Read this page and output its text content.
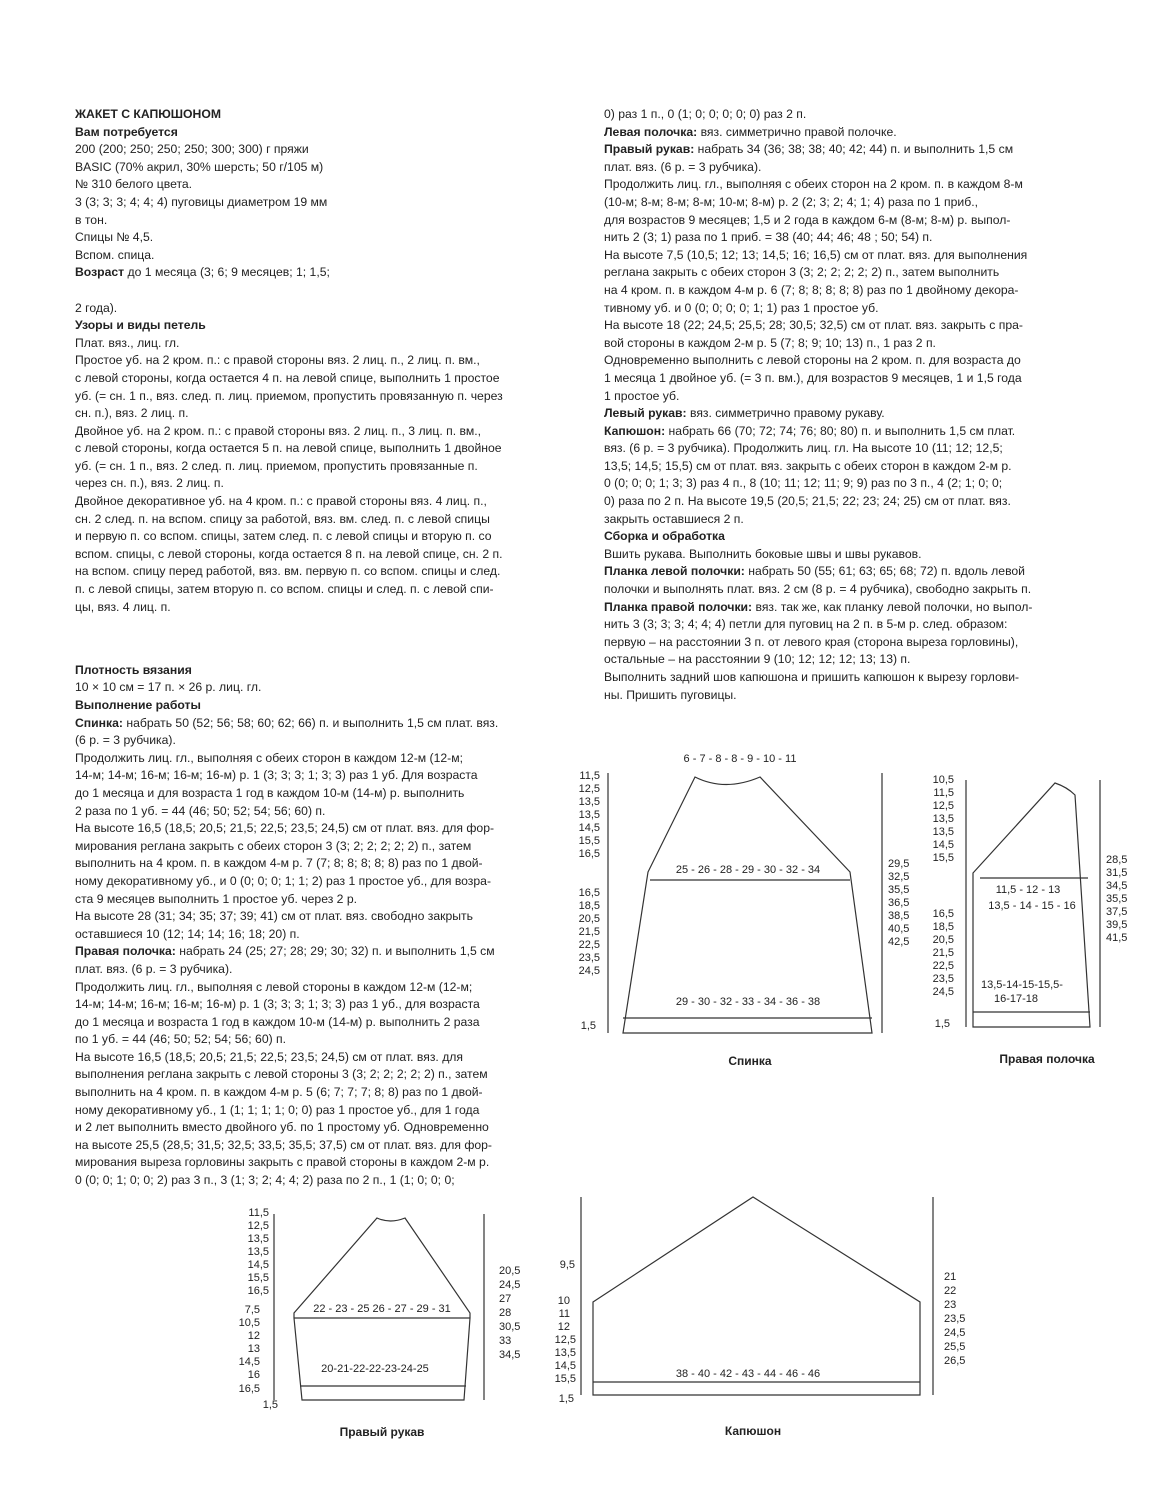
ЖАКЕТ С КАПЮШОНОМ
Вам потребуется
200 (200; 250; 250; 250; 300; 300) г пряжи
BASIC (70% акрил, 30% шерсть; 50 г/105 м)
№ 310 белого цвета.
3 (3; 3; 3; 4; 4; 4) пуговицы диаметром 19 мм
в тон.
Спицы № 4,5.
Вспом. спица.
Возраст до 1 месяца (3; 6; 9 месяцев; 1; 1,5;
2 года).
Узоры и виды петель
Плат. вяз., лиц. гл.
Простое уб. на 2 кром. п.: с правой стороны вяз. 2 лиц. п., 2 лиц. п. вм.,
с левой стороны, когда остается 4 п. на левой спице, выполнить 1 простое
уб. (= сн. 1 п., вяз. след. п. лиц. приемом, пропустить провязанную п. через
сн. п.), вяз. 2 лиц. п.
Двойное уб. на 2 кром. п.: с правой стороны вяз. 2 лиц. п., 3 лиц. п. вм.,
с левой стороны, когда остается 5 п. на левой спице, выполнить 1 двойное
уб. (= сн. 1 п., вяз. 2 след. п. лиц. приемом, пропустить провязанные п.
через сн. п.), вяз. 2 лиц. п.
Двойное декоративное уб. на 4 кром. п.: с правой стороны вяз. 4 лиц. п.,
сн. 2 след. п. на вспом. спицу за работой, вяз. вм. след. п. с левой спицы
и первую п. со вспом. спицы, затем след. п. с левой спицы и вторую п. со
вспом. спицы, с левой стороны, когда остается 8 п. на левой спице, сн. 2 п.
на вспом. спицу перед работой, вяз. вм. первую п. со вспом. спицы и след.
п. с левой спицы, затем вторую п. со вспом. спицы и след. п. с левой спи-
цы, вяз. 4 лиц. п.
Плотность вязания
10 × 10 см = 17 п. × 26 р. лиц. гл.
Выполнение работы
Спинка: набрать 50 (52; 56; 58; 60; 62; 66) п. и выполнить 1,5 см плат. вяз.
(6 р. = 3 рубчика).
Продолжить лиц. гл., выполняя с обеих сторон в каждом 12-м (12-м;
14-м; 14-м; 16-м; 16-м; 16-м) р. 1 (3; 3; 3; 1; 3; 3) раз 1 уб. Для возраста
до 1 месяца и для возраста 1 год в каждом 10-м (14-м) р. выполнить
2 раза по 1 уб. = 44 (46; 50; 52; 54; 56; 60) п.
На высоте 16,5 (18,5; 20,5; 21,5; 22,5; 23,5; 24,5) см от плат. вяз. для фор-
мирования реглана закрыть с обеих сторон 3 (3; 2; 2; 2; 2; 2) п., затем
выполнить на 4 кром. п. в каждом 4-м р. 7 (7; 8; 8; 8; 8; 8) раз по 1 двой-
ному декоративному уб., и 0 (0; 0; 0; 1; 1; 2) раз 1 простое уб., для возра-
ста 9 месяцев выполнить 1 простое уб. через 2 р.
На высоте 28 (31; 34; 35; 37; 39; 41) см от плат. вяз. свободно закрыть
оставшиеся 10 (12; 14; 14; 16; 18; 20) п.
Правая полочка: набрать 24 (25; 27; 28; 29; 30; 32) п. и выполнить 1,5 см
плат. вяз. (6 р. = 3 рубчика).
Продолжить лиц. гл., выполняя с левой стороны в каждом 12-м (12-м;
14-м; 14-м; 16-м; 16-м; 16-м) р. 1 (3; 3; 3; 1; 3; 3) раз 1 уб., для возраста
до 1 месяца и возраста 1 год в каждом 10-м (14-м) р. выполнить 2 раза
по 1 уб. = 44 (46; 50; 52; 54; 56; 60) п.
На высоте 16,5 (18,5; 20,5; 21,5; 22,5; 23,5; 24,5) см от плат. вяз. для
выполнения реглана закрыть с левой стороны 3 (3; 2; 2; 2; 2; 2) п., затем
выполнить на 4 кром. п. в каждом 4-м р. 5 (6; 7; 7; 7; 8; 8) раз по 1 двой-
ному декоративному уб., 1 (1; 1; 1; 1; 0; 0) раз 1 простое уб., для 1 года
и 2 лет выполнить вместо двойного уб. по 1 простому уб. Одновременно
на высоте 25,5 (28,5; 31,5; 32,5; 33,5; 35,5; 37,5) см от плат. вяз. для фор-
мирования выреза горловины закрыть с правой стороны в каждом 2-м р.
0 (0; 0; 1; 0; 0; 2) раз 3 п., 3 (1; 3; 2; 4; 4; 2) раза по 2 п., 1 (1; 0; 0; 0;
0) раз 1 п., 0 (1; 0; 0; 0; 0; 0) раз 2 п.
Левая полочка: вяз. симметрично правой полочке.
Правый рукав: набрать 34 (36; 38; 38; 40; 42; 44) п. и выполнить 1,5 см
плат. вяз. (6 р. = 3 рубчика).
Продолжить лиц. гл., выполняя с обеих сторон на 2 кром. п. в каждом 8-м
(10-м; 8-м; 8-м; 8-м; 10-м; 8-м) р. 2 (2; 3; 2; 4; 1; 4) раза по 1 приб.,
для возрастов 9 месяцев; 1,5 и 2 года в каждом 6-м (8-м; 8-м) р. выпол-
нить 2 (3; 1) раза по 1 приб. = 38 (40; 44; 46; 48 ; 50; 54) п.
На высоте 7,5 (10,5; 12; 13; 14,5; 16; 16,5) см от плат. вяз. для выполнения
реглана закрыть с обеих сторон 3 (3; 2; 2; 2; 2; 2) п., затем выполнить
на 4 кром. п. в каждом 4-м р. 6 (7; 8; 8; 8; 8; 8) раз по 1 двойному декора-
тивному уб. и 0 (0; 0; 0; 0; 1; 1) раз 1 простое уб.
На высоте 18 (22; 24,5; 25,5; 28; 30,5; 32,5) см от плат. вяз. закрыть с пра-
вой стороны в каждом 2-м р. 5 (7; 8; 9; 10; 13) п., 1 раз 2 п.
Одновременно выполнить с левой стороны на 2 кром. п. для возраста до
1 месяца 1 двойное уб. (= 3 п. вм.), для возрастов 9 месяцев, 1 и 1,5 года
1 простое уб.
Левый рукав: вяз. симметрично правому рукаву.
Капюшон: набрать 66 (70; 72; 74; 76; 80; 80) п. и выполнить 1,5 см плат.
вяз. (6 р. = 3 рубчика). Продолжить лиц. гл. На высоте 10 (11; 12; 12,5;
13,5; 14,5; 15,5) см от плат. вяз. закрыть с обеих сторон в каждом 2-м р.
0 (0; 0; 0; 1; 3; 3) раз 4 п., 8 (10; 11; 12; 11; 9; 9) раз по 3 п., 4 (2; 1; 0; 0;
0) раза по 2 п. На высоте 19,5 (20,5; 21,5; 22; 23; 24; 25) см от плат. вяз.
закрыть оставшиеся 2 п.
Сборка и обработка
Вшить рукава. Выполнить боковые швы и швы рукавов.
Планка левой полочки: набрать 50 (55; 61; 63; 65; 68; 72) п. вдоль левой
полочки и выполнять плат. вяз. 2 см (8 р. = 4 рубчика), свободно закрыть п.
Планка правой полочки: вяз. так же, как планку левой полочки, но выпол-
нить 3 (3; 3; 3; 4; 4; 4) петли для пуговиц на 2 п. в 5-м р. след. образом:
первую – на расстоянии 3 п. от левого края (сторона выреза горловины),
остальные – на расстоянии 9 (10; 12; 12; 12; 13; 13) п.
Выполнить задний шов капюшона и пришить капюшон к вырезу горлови-
ны. Пришить пуговицы.
6 - 7 - 8 - 8 - 9 - 10 - 11
25 - 26 - 28 - 29 - 30 - 32 - 34
29 - 30 - 32 - 33 - 34 - 36 - 38
11,5
12,5
13,5
13,5
14,5
15,5
16,5
16,5
18,5
20,5
21,5
22,5
23,5
24,5
1,5
29,5
32,5
35,5
36,5
38,5
40,5
42,5
Спинка
11,5 - 12 - 13
13,5 - 14 - 15 - 16
13,5-14-15-15,5-
16-17-18
10,5
11,5
12,5
13,5
13,5
14,5
15,5
16,5
18,5
20,5
21,5
22,5
23,5
24,5
1,5
28,5
31,5
34,5
35,5
37,5
39,5
41,5
Правая полочка
22 - 23 - 25 26 - 27 - 29 - 31
20-21-22-22-23-24-25
11,5
12,5
13,5
13,5
14,5
15,5
16,5
7,5
10,5
12
13
14,5
16
16,5
1,5
20,5
24,5
27
28
30,5
33
34,5
Правый рукав
38 - 40 - 42 - 43 - 44 - 46 - 46
9,5
10
11
12
12,5
13,5
14,5
15,5
1,5
21
22
23
23,5
24,5
25,5
26,5
Капюшон
